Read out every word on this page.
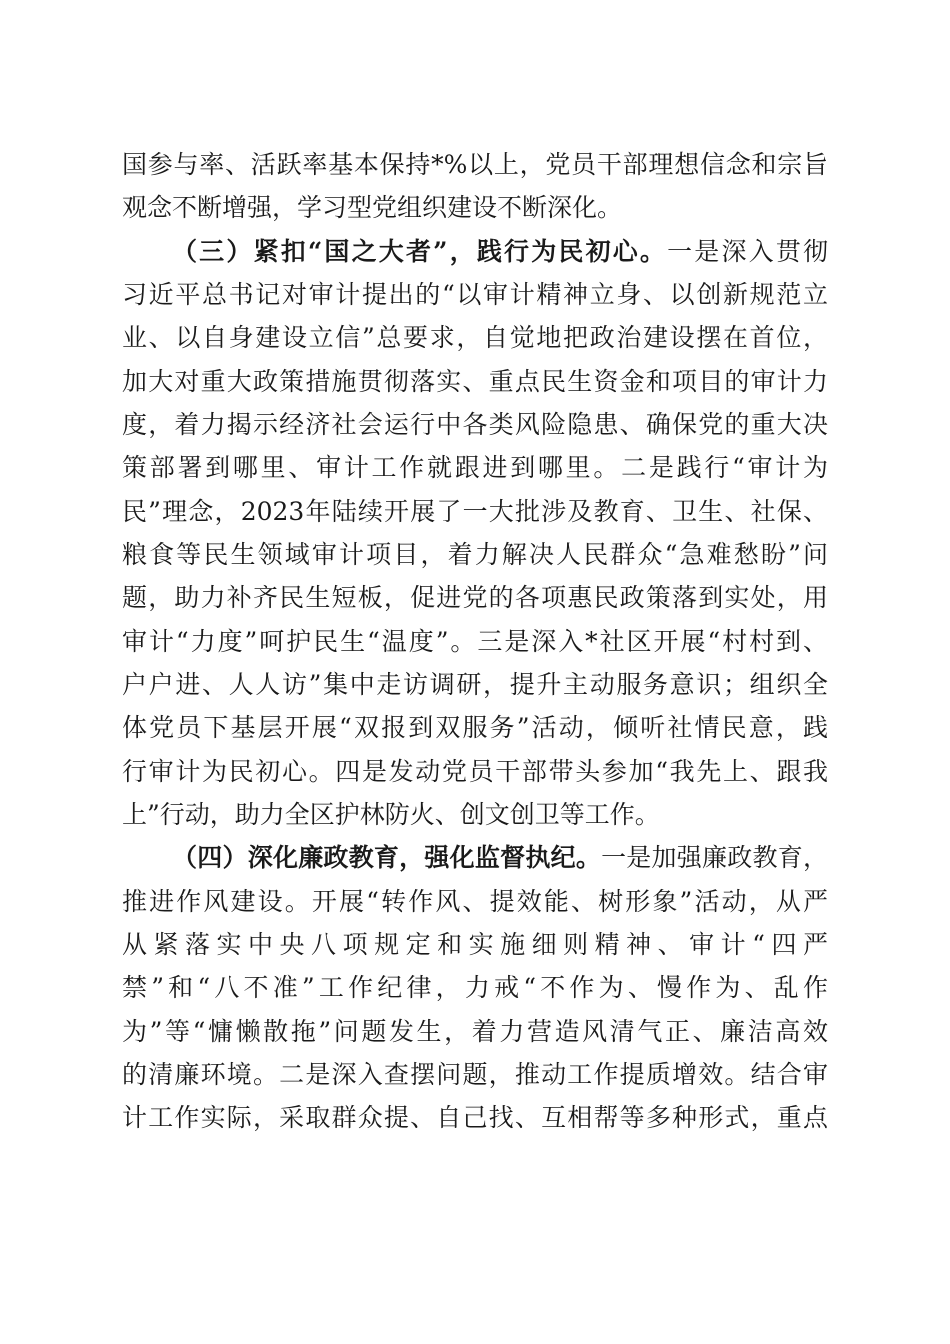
国参与率、活跃率基本保持*%以上，党员干部理想信念和宗旨
观念不断增强，学习型党组织建设不断深化。
（三）紧扣“国之大者”，践行为民初心。一是深入贯彻
习近平总书记对审计提出的“以审计精神立身、以创新规范立
业、以自身建设立信”总要求，自觉地把政治建设摆在首位，
加大对重大政策措施贯彻落实、重点民生资金和项目的审计力
度，着力揭示经济社会运行中各类风险隐患、确保党的重大决
策部署到哪里、审计工作就跟进到哪里。二是践行“审计为
民”理念，2023年陆续开展了一大批涉及教育、卫生、社保、
粮食等民生领域审计项目，着力解决人民群众“急难愁盼”问
题，助力补齐民生短板，促进党的各项惠民政策落到实处，用
审计“力度”呵护民生“温度”。三是深入*社区开展“村村到、
户户进、人人访”集中走访调研，提升主动服务意识；组织全
体党员下基层开展“双报到双服务”活动，倾听社情民意，践
行审计为民初心。四是发动党员干部带头参加“我先上、跟我
上”行动，助力全区护林防火、创文创卫等工作。
（四）深化廉政教育，强化监督执纪。一是加强廉政教育，
推进作风建设。开展“转作风、提效能、树形象”活动，从严
从紧落实中央八项规定和实施细则精神、审计“四严
禁”和“八不准”工作纪律，力戒“不作为、慢作为、乱作
为”等“慵懒散拖”问题发生，着力营造风清气正、廉洁高效
的清廉环境。二是深入查摆问题，推动工作提质增效。结合审
计工作实际，采取群众提、自己找、互相帮等多种形式，重点
